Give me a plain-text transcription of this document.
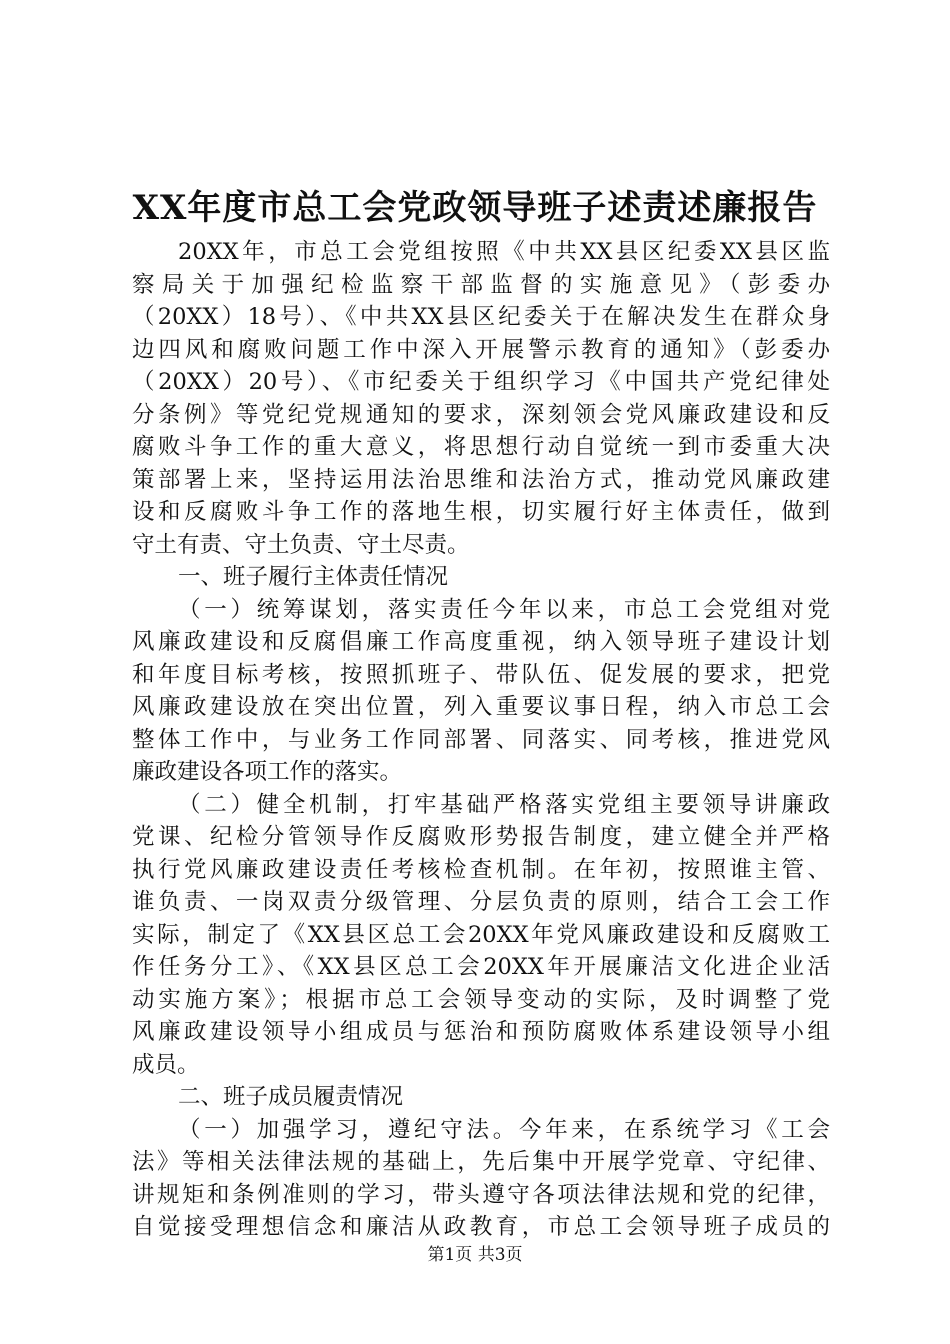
XX年度市总工会党政领导班子述责述廉报告
20XX年，市总工会党组按照《中共XX县区纪委XX县区监
察局关于加强纪检监察干部监督的实施意见》（彭委办
（20XX）18号）、《中共XX县区纪委关于在解决发生在群众身
边四风和腐败问题工作中深入开展警示教育的通知》（彭委办
（20XX）20号）、《市纪委关于组织学习《中国共产党纪律处
分条例》等党纪党规通知的要求，深刻领会党风廉政建设和反
腐败斗争工作的重大意义，将思想行动自觉统一到市委重大决
策部署上来，坚持运用法治思维和法治方式，推动党风廉政建
设和反腐败斗争工作的落地生根，切实履行好主体责任，做到
守土有责、守土负责、守土尽责。
一、班子履行主体责任情况
（一）统筹谋划，落实责任今年以来，市总工会党组对党
风廉政建设和反腐倡廉工作高度重视，纳入领导班子建设计划
和年度目标考核，按照抓班子、带队伍、促发展的要求，把党
风廉政建设放在突出位置，列入重要议事日程，纳入市总工会
整体工作中，与业务工作同部署、同落实、同考核，推进党风
廉政建设各项工作的落实。
（二）健全机制，打牢基础严格落实党组主要领导讲廉政
党课、纪检分管领导作反腐败形势报告制度，建立健全并严格
执行党风廉政建设责任考核检查机制。在年初，按照谁主管、
谁负责、一岗双责分级管理、分层负责的原则，结合工会工作
实际，制定了《XX县区总工会20XX年党风廉政建设和反腐败工
作任务分工》、《XX县区总工会20XX年开展廉洁文化进企业活
动实施方案》；根据市总工会领导变动的实际，及时调整了党
风廉政建设领导小组成员与惩治和预防腐败体系建设领导小组
成员。
二、班子成员履责情况
（一）加强学习，遵纪守法。今年来，在系统学习《工会
法》等相关法律法规的基础上，先后集中开展学党章、守纪律、
讲规矩和条例准则的学习，带头遵守各项法律法规和党的纪律，
自觉接受理想信念和廉洁从政教育，市总工会领导班子成员的
第1页 共3页
